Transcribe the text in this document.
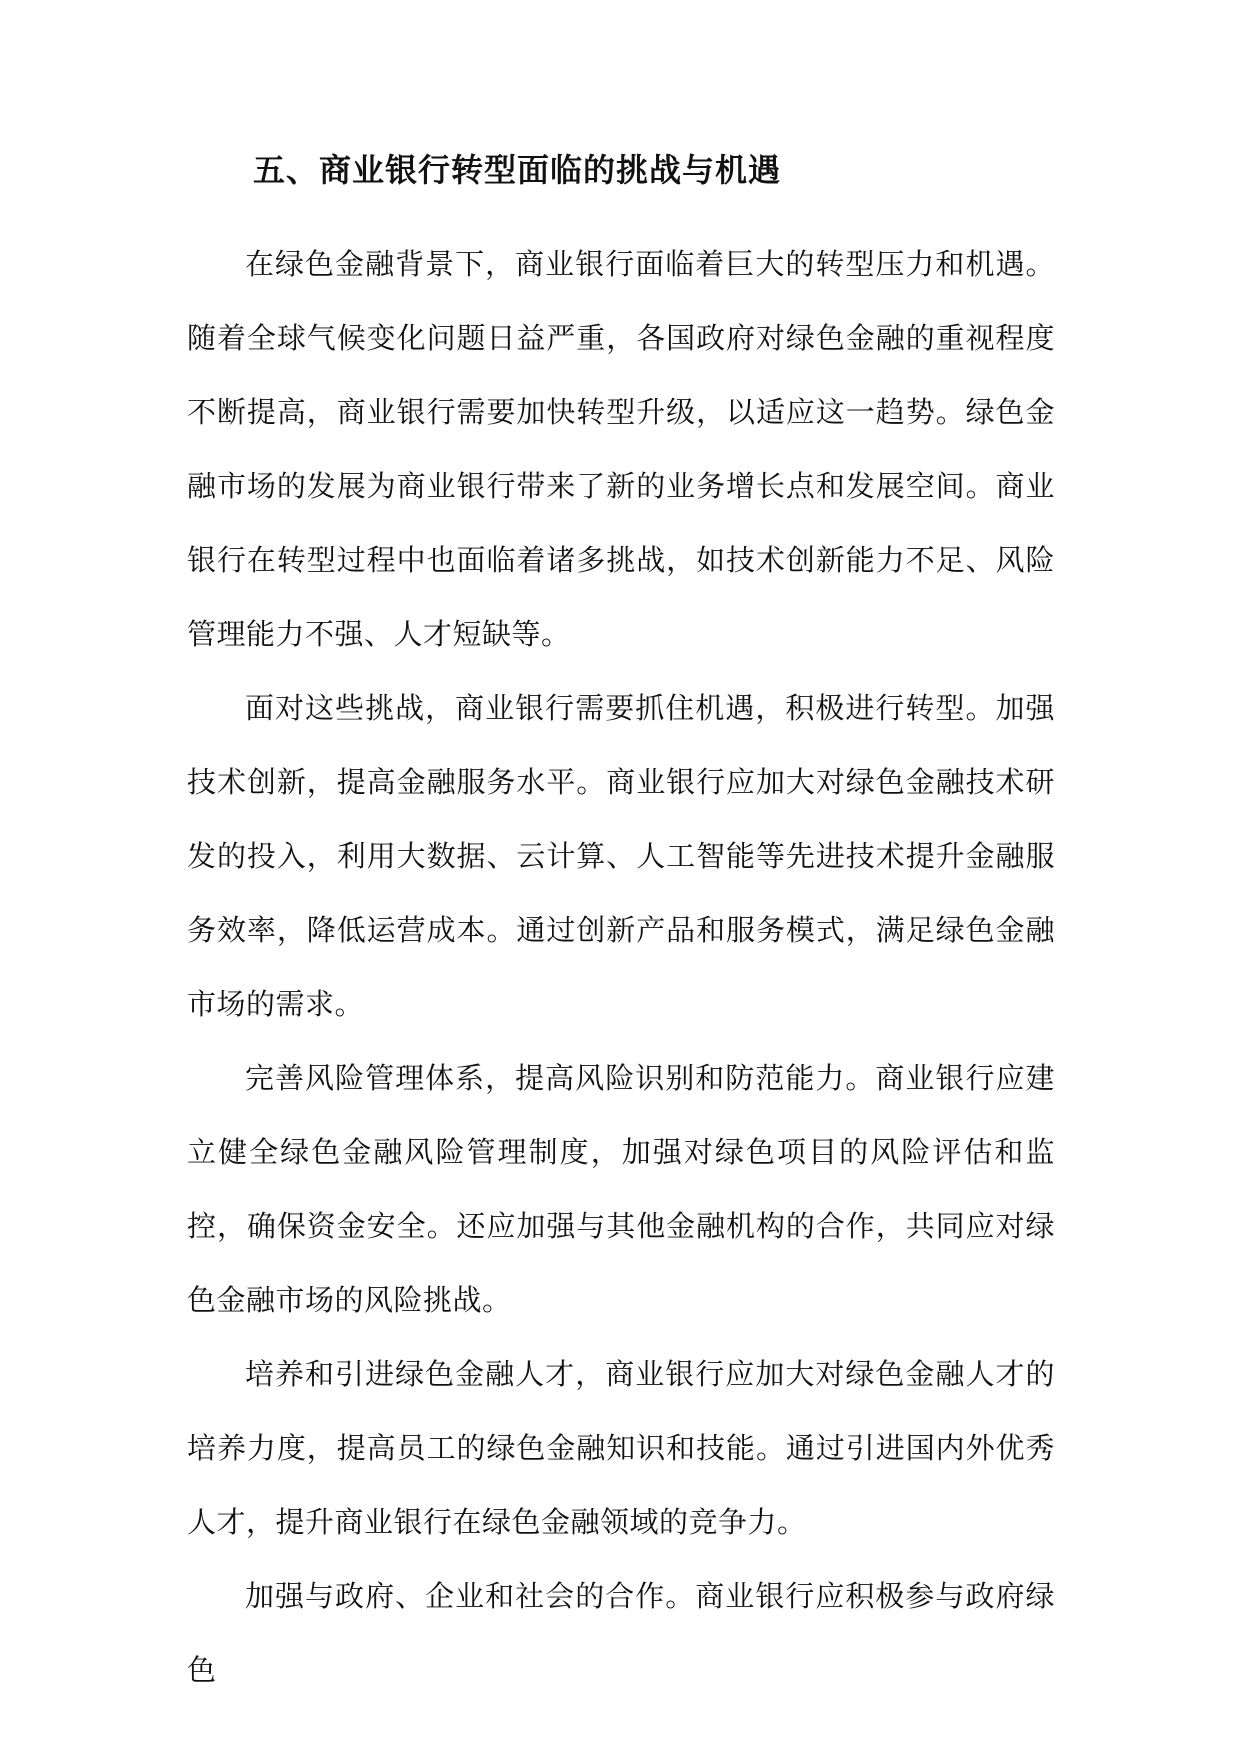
五、商业银行转型面临的挑战与机遇

在绿色金融背景下，商业银行面临着巨大的转型压力和机遇。随着全球气候变化问题日益严重，各国政府对绿色金融的重视程度不断提高，商业银行需要加快转型升级，以适应这一趋势。绿色金融市场的发展为商业银行带来了新的业务增长点和发展空间。商业银行在转型过程中也面临着诸多挑战，如技术创新能力不足、风险管理能力不强、人才短缺等。

面对这些挑战，商业银行需要抓住机遇，积极进行转型。加强技术创新，提高金融服务水平。商业银行应加大对绿色金融技术研发的投入，利用大数据、云计算、人工智能等先进技术提升金融服务效率，降低运营成本。通过创新产品和服务模式，满足绿色金融市场的需求。

完善风险管理体系，提高风险识别和防范能力。商业银行应建立健全绿色金融风险管理制度，加强对绿色项目的风险评估和监控，确保资金安全。还应加强与其他金融机构的合作，共同应对绿色金融市场的风险挑战。

培养和引进绿色金融人才，商业银行应加大对绿色金融人才的培养力度，提高员工的绿色金融知识和技能。通过引进国内外优秀人才，提升商业银行在绿色金融领域的竞争力。

加强与政府、企业和社会的合作。商业银行应积极参与政府绿色
